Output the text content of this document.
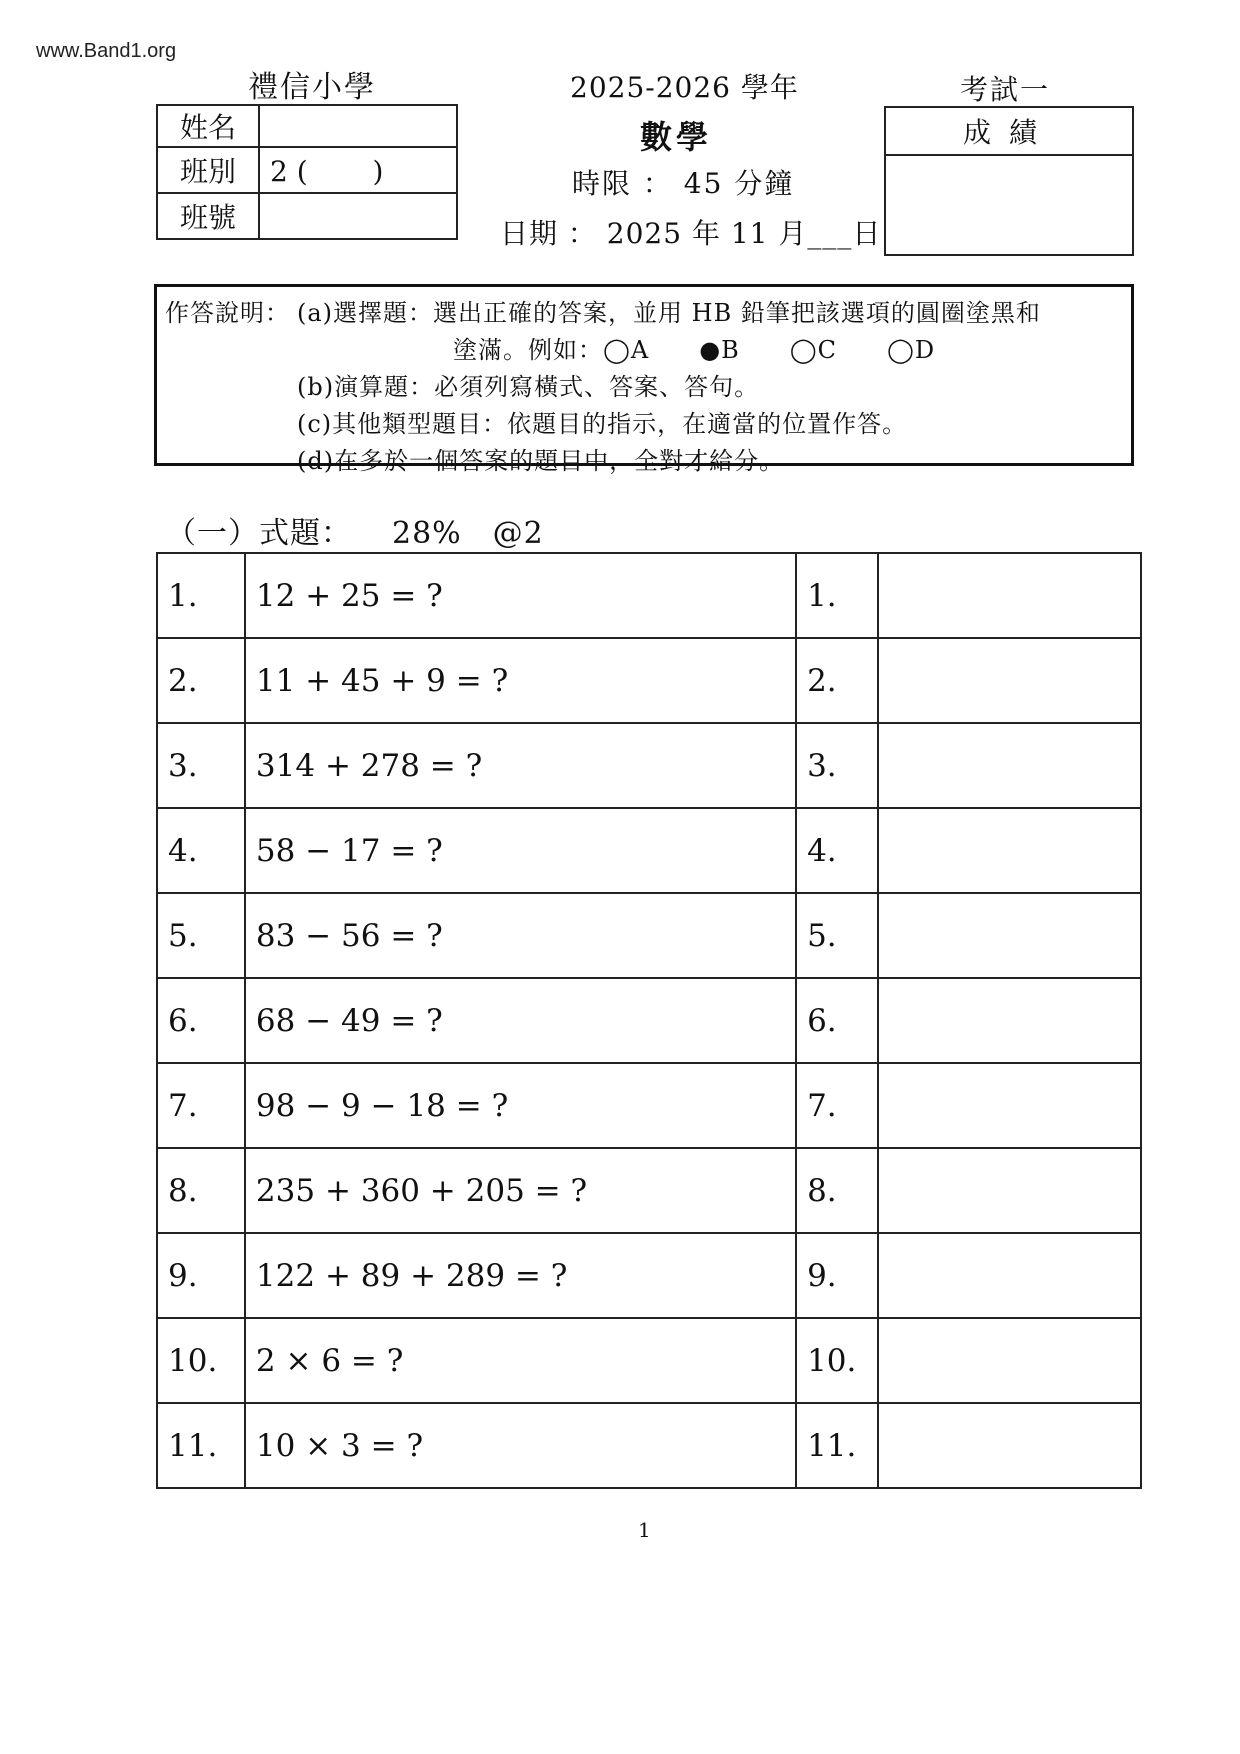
www.Band1.org
禮信小學	2025-2026 學年	考試一
數學
時限 ： 45 分鐘
日期 ： 2025 年 11 月___日
姓名	
班別	2 (　　 )
班號	
成績

作答說明： (a)選擇題：選出正確的答案，並用 HB 鉛筆把該選項的圓圈塗黑和
塗滿。例如：◯A　　●B　　◯C　　◯D
(b)演算題：必須列寫橫式、答案、答句。
(c)其他類型題目：依題目的指示，在適當的位置作答。
(d)在多於一個答案的題目中，全對才給分。
（一）式題： 28%　@2
1.	12 + 25 = ?	1.	
2.	11 + 45 + 9 = ?	2.	
3.	314 + 278 = ?	3.	
4.	58 − 17 = ?	4.	
5.	83 − 56 = ?	5.	
6.	68 − 49 = ?	6.	
7.	98 − 9 − 18 = ?	7.	
8.	235 + 360 + 205 = ?	8.	
9.	122 + 89 + 289 = ?	9.	
10.	2 × 6 = ?	10.	
11.	10 × 3 = ?	11.	
1
